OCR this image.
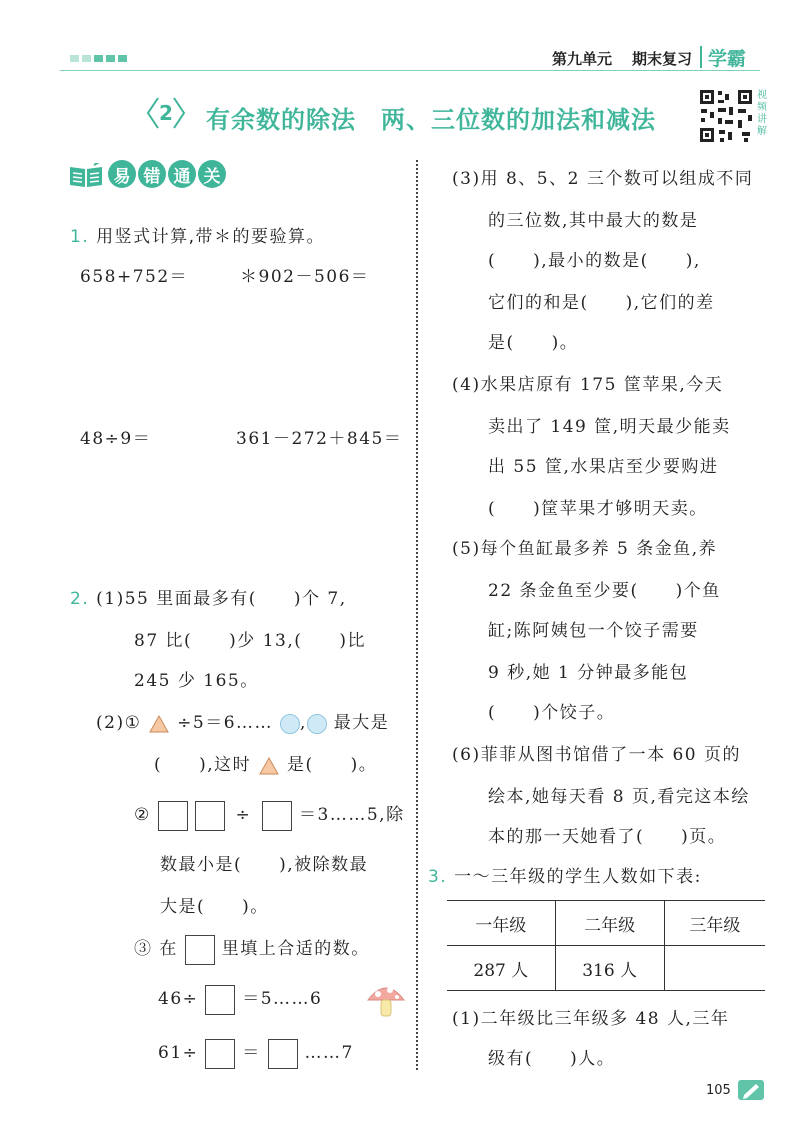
第九单元 期末复习 学霸
2 有余数的除法　两、三位数的加法和减法
视频讲解
易 错 通 关
1. 用竖式计算,带＊的要验算。
658+752＝	＊902－506＝
48÷9＝	361－272＋845＝
2. (1)55 里面最多有(　　)个 7,
87 比(　　)少 13,(　　)比
245 少 165。
(2)① ÷5＝6…… , 最大是
(　　),这时 是(　　)。
②	÷	＝3……5,除
数最小是(　　),被除数最
大是(　　)。
③ 在	里填上合适的数。
46÷	＝5……6
61÷	＝	……7
(3)用 8、5、2 三个数可以组成不同
的三位数,其中最大的数是
(　　),最小的数是(　　),
它们的和是(　　),它们的差
是(　　)。
(4)水果店原有 175 筐苹果,今天
卖出了 149 筐,明天最少能卖
出 55 筐,水果店至少要购进
(　　)筐苹果才够明天卖。
(5)每个鱼缸最多养 5 条金鱼,养
22 条金鱼至少要(　　)个鱼
缸;陈阿姨包一个饺子需要
9 秒,她 1 分钟最多能包
(　　)个饺子。
(6)菲菲从图书馆借了一本 60 页的
绘本,她每天看 8 页,看完这本绘
本的那一天她看了(　　)页。
3. 一～三年级的学生人数如下表:
一年级	二年级	三年级
287 人	316 人	
(1)二年级比三年级多 48 人,三年
级有(　　)人。
105
